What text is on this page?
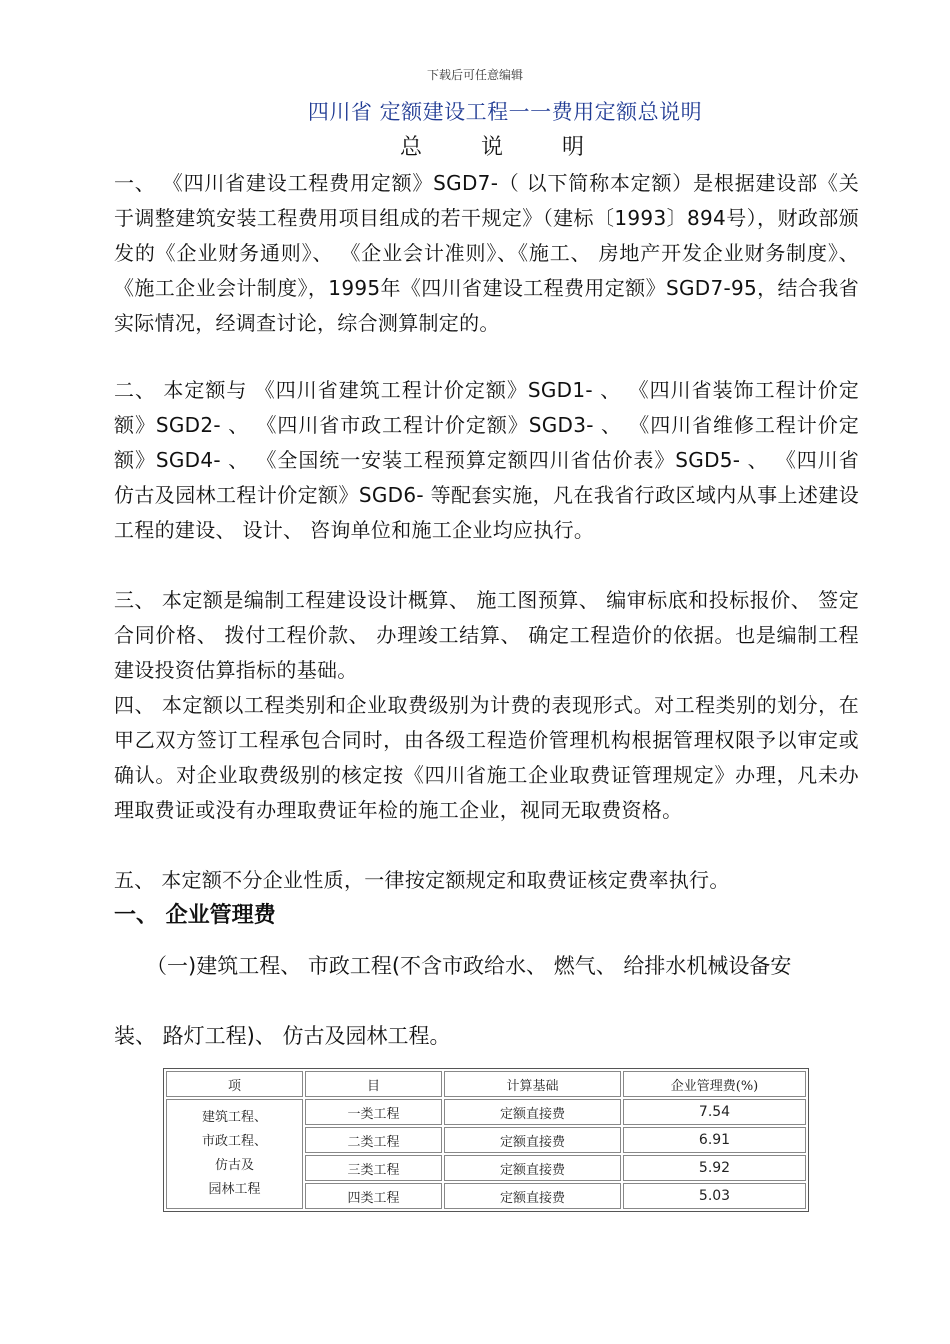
下载后可任意编辑
四川省 定额建设工程一一费用定额总说明
总 说 明
一、 《四川省建设工程费用定额》SGD7-（ 以下简称本定额）是根据建设部《关于调整建筑安装工程费用项目组成的若干规定》（建标〔1993〕894号），财政部颁发的《企业财务通则》、 《企业会计准则》、《施工、 房地产开发企业财务制度》、 《施工企业会计制度》，1995年《四川省建设工程费用定额》SGD7-95，结合我省实际情况，经调查讨论，综合测算制定的。
二、 本定额与 《四川省建筑工程计价定额》SGD1- 、 《四川省装饰工程计价定额》SGD2- 、 《四川省市政工程计价定额》SGD3- 、 《四川省维修工程计价定额》SGD4- 、 《全国统一安装工程预算定额四川省估价表》SGD5- 、 《四川省仿古及园林工程计价定额》SGD6- 等配套实施，凡在我省行政区域内从事上述建设工程的建设、 设计、 咨询单位和施工企业均应执行。
三、 本定额是编制工程建设设计概算、 施工图预算、 编审标底和投标报价、 签定合同价格、 拨付工程价款、 办理竣工结算、 确定工程造价的依据。也是编制工程建设投资估算指标的基础。
四、 本定额以工程类别和企业取费级别为计费的表现形式。对工程类别的划分，在甲乙双方签订工程承包合同时，由各级工程造价管理机构根据管理权限予以审定或确认。对企业取费级别的核定按《四川省施工企业取费证管理规定》办理，凡未办理取费证或没有办理取费证年检的施工企业，视同无取费资格。
五、 本定额不分企业性质，一律按定额规定和取费证核定费率执行。
一、 企业管理费
（一)建筑工程、 市政工程(不含市政给水、 燃气、 给排水机械设备安
装、 路灯工程)、 仿古及园林工程。
项	目	计算基础	企业管理费(%)

建筑工程、
市政工程、
仿古及
园林工程	一类工程	定额直接费	7.54
	二类工程	定额直接费	6.91
	三类工程	定额直接费	5.92
	四类工程	定额直接费	5.03
